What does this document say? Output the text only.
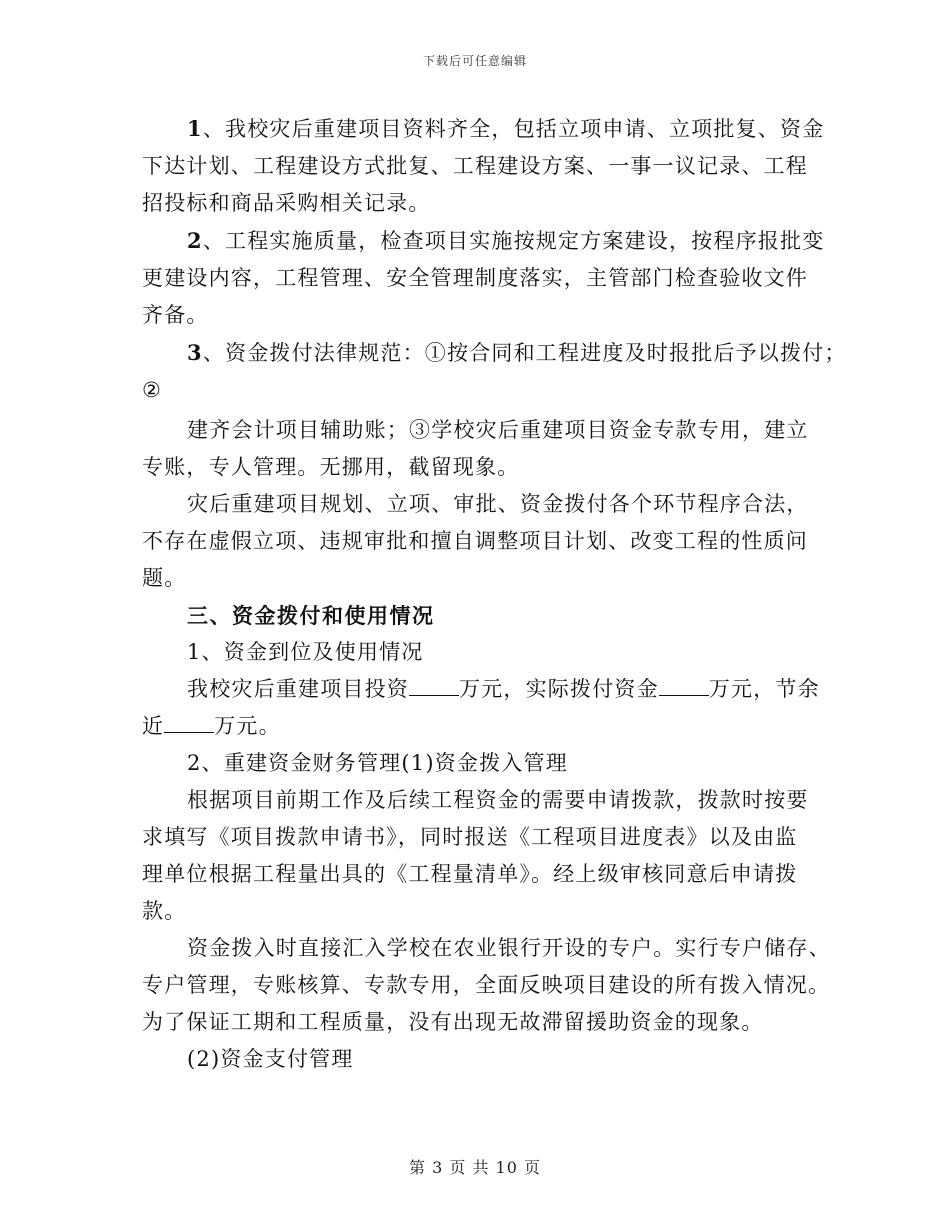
下载后可任意编辑

1、我校灾后重建项目资料齐全，包括立项申请、立项批复、资金

下达计划、工程建设方式批复、工程建设方案、一事一议记录、工程

招投标和商品采购相关记录。

2、工程实施质量，检查项目实施按规定方案建设，按程序报批变

更建设内容，工程管理、安全管理制度落实，主管部门检查验收文件

齐备。

3、资金拨付法律规范：①按合同和工程进度及时报批后予以拨付；

②

建齐会计项目辅助账；③学校灾后重建项目资金专款专用，建立

专账，专人管理。无挪用，截留现象。

灾后重建项目规划、立项、审批、资金拨付各个环节程序合法，

不存在虚假立项、违规审批和擅自调整项目计划、改变工程的性质问

题。

三、资金拨付和使用情况

1、资金到位及使用情况

我校灾后重建项目投资 万元，实际拨付资金 万元，节余

近 万元。

2、重建资金财务管理(1)资金拨入管理

根据项目前期工作及后续工程资金的需要申请拨款，拨款时按要

求填写《项目拨款申请书》，同时报送《工程项目进度表》以及由监

理单位根据工程量出具的《工程量清单》。经上级审核同意后申请拨

款。

资金拨入时直接汇入学校在农业银行开设的专户。实行专户储存、

专户管理，专账核算、专款专用，全面反映项目建设的所有拨入情况。

为了保证工期和工程质量，没有出现无故滞留援助资金的现象。

(2)资金支付管理

第 3 页 共 10 页
